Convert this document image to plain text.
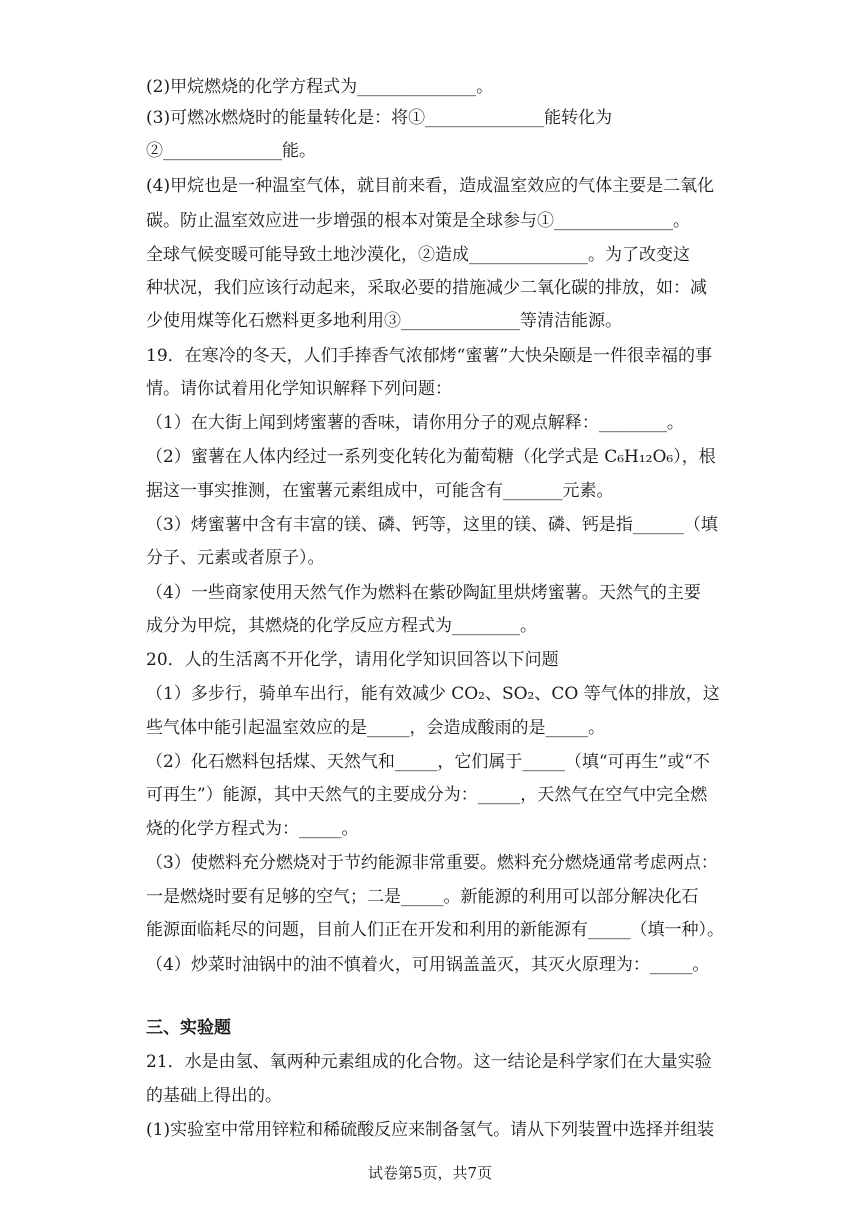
(2)甲烷燃烧的化学方程式为______________。
(3)可燃冰燃烧时的能量转化是：将①______________能转化为
②______________能。
(4)甲烷也是一种温室气体，就目前来看，造成温室效应的气体主要是二氧化
碳。防止温室效应进一步增强的根本对策是全球参与①______________。
全球气候变暖可能导致土地沙漠化，②造成______________。为了改变这
种状况，我们应该行动起来，采取必要的措施减少二氧化碳的排放，如：减
少使用煤等化石燃料更多地利用③______________等清洁能源。
19．在寒冷的冬天，人们手捧香气浓郁烤“蜜薯”大快朵颐是一件很幸福的事
情。请你试着用化学知识解释下列问题：
（1）在大街上闻到烤蜜薯的香味，请你用分子的观点解释：________。
（2）蜜薯在人体内经过一系列变化转化为葡萄糖（化学式是 C₆H₁₂O₆），根
据这一事实推测，在蜜薯元素组成中，可能含有_______元素。
（3）烤蜜薯中含有丰富的镁、磷、钙等，这里的镁、磷、钙是指______（填
分子、元素或者原子）。
（4）一些商家使用天然气作为燃料在紫砂陶缸里烘烤蜜薯。天然气的主要
成分为甲烷，其燃烧的化学反应方程式为________。
20．人的生活离不开化学，请用化学知识回答以下问题
（1）多步行，骑单车出行，能有效减少 CO₂、SO₂、CO 等气体的排放，这
些气体中能引起温室效应的是_____，会造成酸雨的是_____。
（2）化石燃料包括煤、天然气和_____，它们属于_____（填“可再生”或“不
可再生”）能源，其中天然气的主要成分为：_____，天然气在空气中完全燃
烧的化学方程式为：_____。
（3）使燃料充分燃烧对于节约能源非常重要。燃料充分燃烧通常考虑两点：
一是燃烧时要有足够的空气；二是_____。新能源的利用可以部分解决化石
能源面临耗尽的问题，目前人们正在开发和利用的新能源有_____（填一种）。
（4）炒菜时油锅中的油不慎着火，可用锅盖盖灭，其灭火原理为：_____。
三、实验题
21．水是由氢、氧两种元素组成的化合物。这一结论是科学家们在大量实验
的基础上得出的。
(1)实验室中常用锌粒和稀硫酸反应来制备氢气。请从下列装置中选择并组装
试卷第5页，共7页
